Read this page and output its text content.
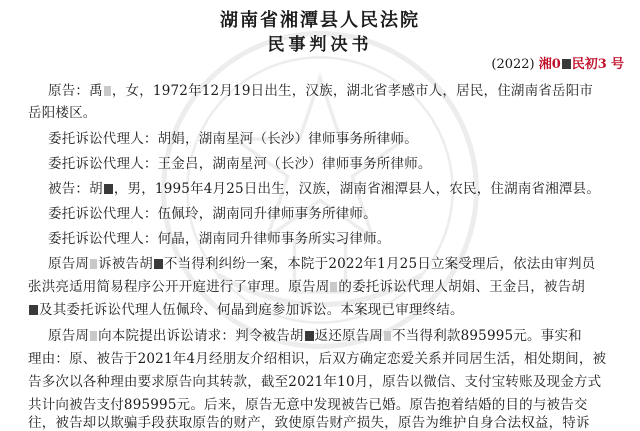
湖南省湘潭县人民法院
民事判决书
(2022) 湘0 民初3 号
原告：禹 ，女，1972年12月19日出生，汉族，湖北省孝感市人，居民，住湖南省岳阳市
岳阳楼区。
委托诉讼代理人：胡娟，湖南星河（长沙）律师事务所律师。
委托诉讼代理人：王金吕，湖南星河（长沙）律师事务所律师。
被告：胡 ，男，1995年4月25日出生，汉族，湖南省湘潭县人，农民，住湖南省湘潭县。
委托诉讼代理人：伍佩玲，湖南同升律师事务所律师。
委托诉讼代理人：何晶，湖南同升律师事务所实习律师。
原告周 诉被告胡 不当得利纠纷一案，本院于2022年1月25日立案受理后，依法由审判员
张洪亮适用简易程序公开开庭进行了审理。原告周 的委托诉讼代理人胡娟、王金吕，被告胡
及其委托诉讼代理人伍佩玲、何晶到庭参加诉讼。本案现已审理终结。
原告周 向本院提出诉讼请求：判令被告胡 返还原告周 不当得利款895995元。事实和
理由：原、被告于2021年4月经朋友介绍相识，后双方确定恋爱关系并同居生活，相处期间，被
告多次以各种理由要求原告向其转款，截至2021年10月，原告以微信、支付宝转账及现金方式
共计向被告支付895995元。后来，原告无意中发现被告已婚。原告抱着结婚的目的与被告交
往，被告却以欺骗手段获取原告的财产，致使原告财产损失，原告为维护自身合法权益，特诉
